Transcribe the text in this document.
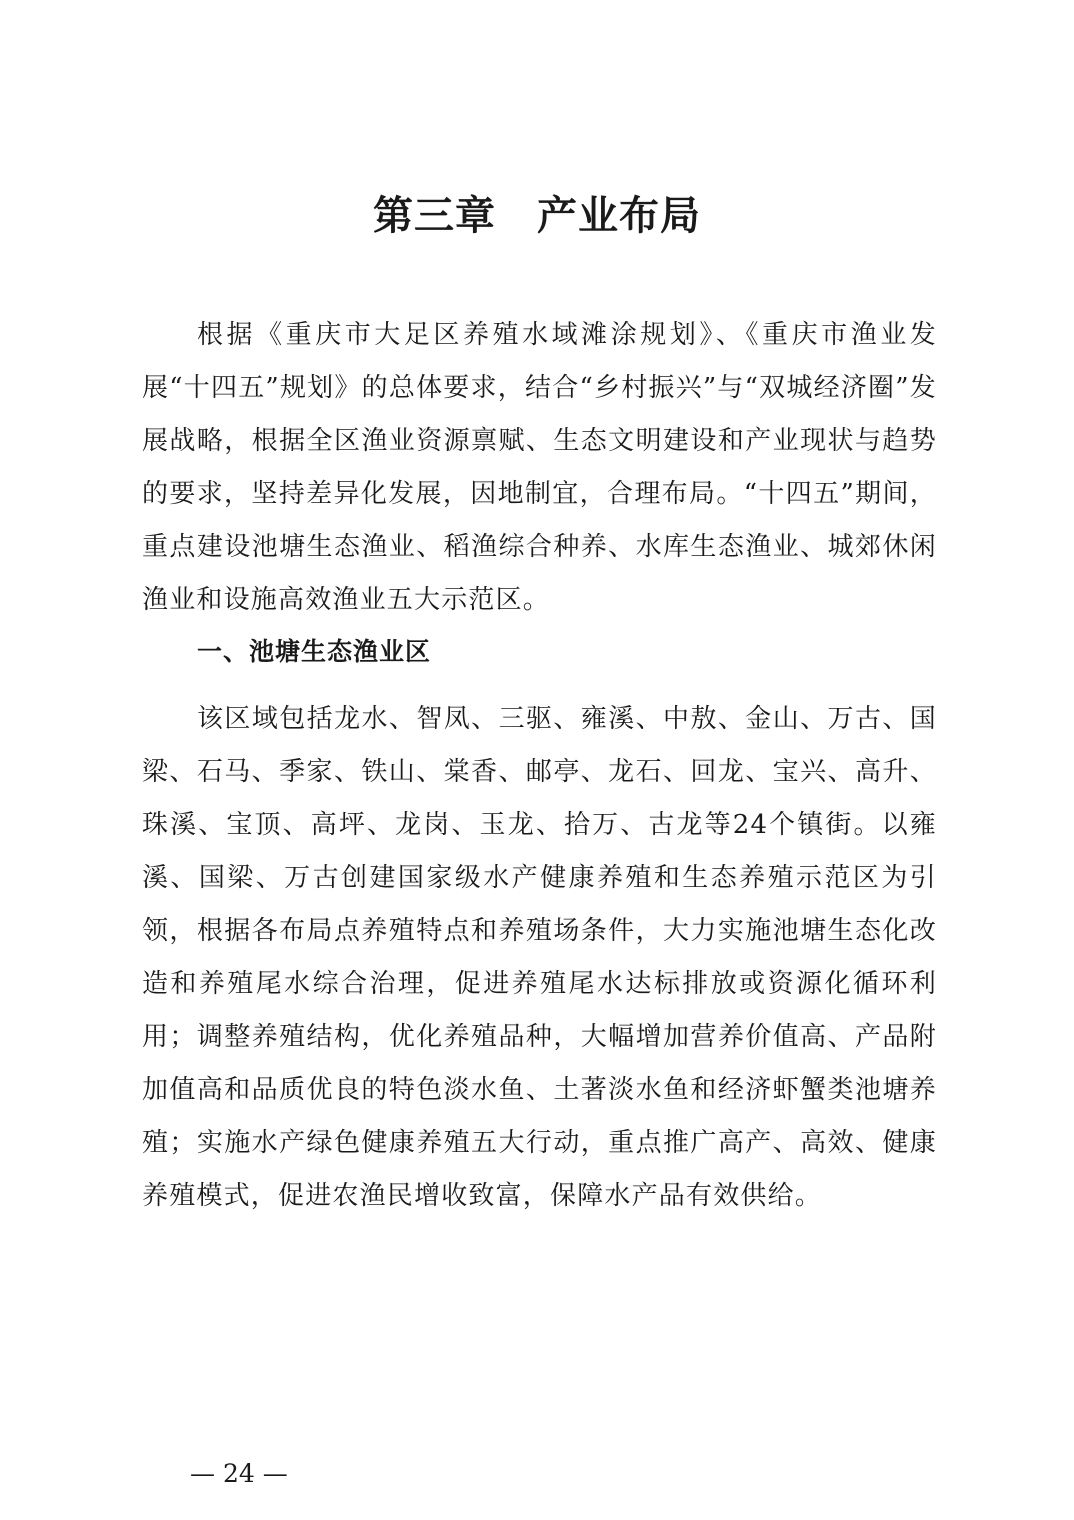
第三章　产业布局
根据《重庆市大足区养殖水域滩涂规划》、《重庆市渔业发展“十四五”规划》的总体要求，结合“乡村振兴”与“双城经济圈”发展战略，根据全区渔业资源禀赋、生态文明建设和产业现状与趋势的要求，坚持差异化发展，因地制宜，合理布局。“十四五”期间，重点建设池塘生态渔业、稻渔综合种养、水库生态渔业、城郊休闲渔业和设施高效渔业五大示范区。
一、池塘生态渔业区
该区域包括龙水、智凤、三驱、雍溪、中敖、金山、万古、国梁、石马、季家、铁山、棠香、邮亭、龙石、回龙、宝兴、高升、珠溪、宝顶、高坪、龙岗、玉龙、拾万、古龙等24个镇街。以雍溪、国梁、万古创建国家级水产健康养殖和生态养殖示范区为引领，根据各布局点养殖特点和养殖场条件，大力实施池塘生态化改造和养殖尾水综合治理，促进养殖尾水达标排放或资源化循环利用；调整养殖结构，优化养殖品种，大幅增加营养价值高、产品附加值高和品质优良的特色淡水鱼、土著淡水鱼和经济虾蟹类池塘养殖；实施水产绿色健康养殖五大行动，重点推广高产、高效、健康养殖模式，促进农渔民增收致富，保障水产品有效供给。
— 24 —
